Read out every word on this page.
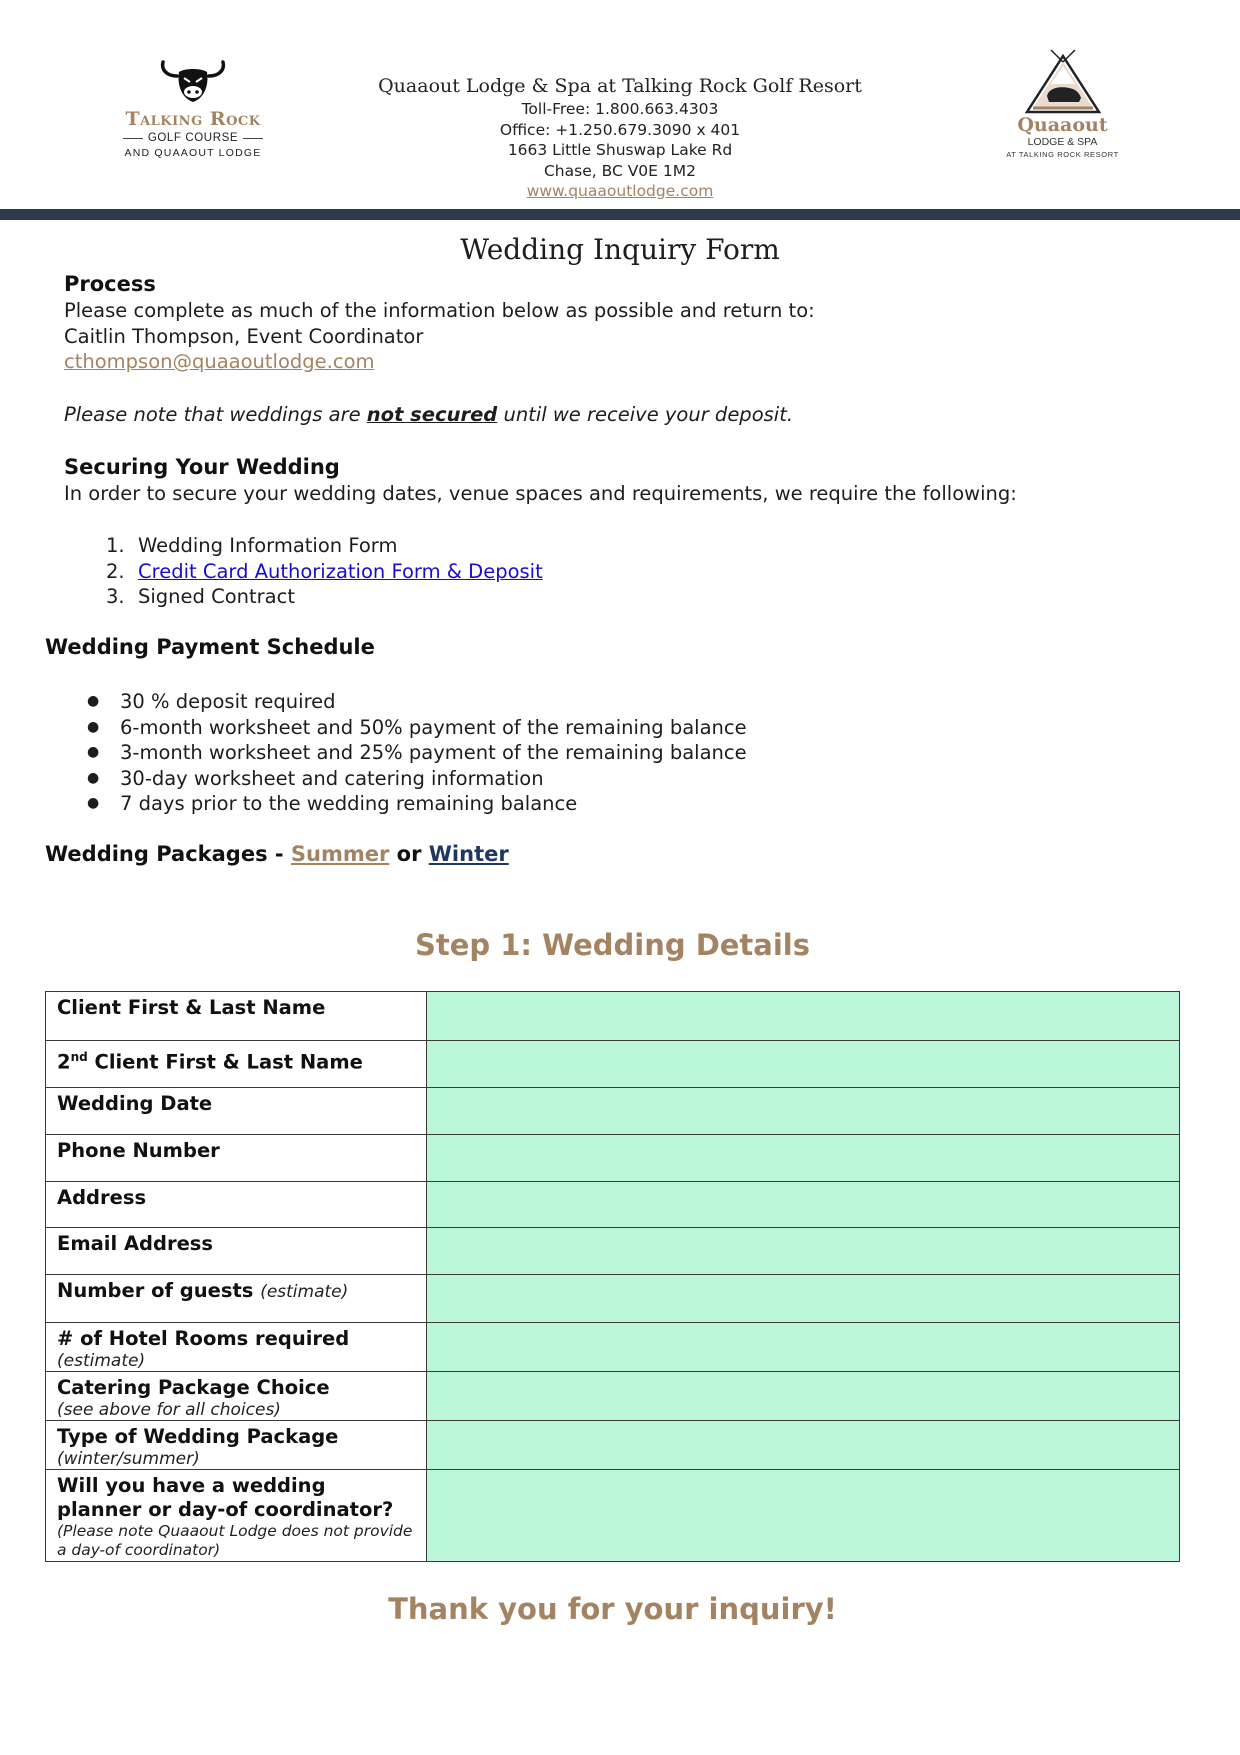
Talking Rock
GOLF COURSE
AND QUAAOUT LODGE
Quaaout Lodge & Spa at Talking Rock Golf Resort
Toll-Free: 1.800.663.4303
Office: +1.250.679.3090 x 401
1663 Little Shuswap Lake Rd
Chase, BC V0E 1M2
www.quaaoutlodge.com
Quaaout
LODGE & SPA
AT TALKING ROCK RESORT
Wedding Inquiry Form
Process
Please complete as much of the information below as possible and return to:
Caitlin Thompson, Event Coordinator
cthompson@quaaoutlodge.com
Please note that weddings are not secured until we receive your deposit.
Securing Your Wedding
In order to secure your wedding dates, venue spaces and requirements, we require the following:
1. Wedding Information Form
2. Credit Card Authorization Form & Deposit
3. Signed Contract
Wedding Payment Schedule
●	30 % deposit required
●	6-month worksheet and 50% payment of the remaining balance
●	3-month worksheet and 25% payment of the remaining balance
●	30-day worksheet and catering information
●	7 days prior to the wedding remaining balance
Wedding Packages - Summer or Winter
Step 1: Wedding Details
Client First & Last Name

2nd Client First & Last Name

Wedding Date

Phone Number

Address

Email Address

Number of guests (estimate)

# of Hotel Rooms required
(estimate)

Catering Package Choice
(see above for all choices)

Type of Wedding Package
(winter/summer)

Will you have a wedding planner or day-of coordinator?
(Please note Quaaout Lodge does not provide a day-of coordinator)

Thank you for your inquiry!
